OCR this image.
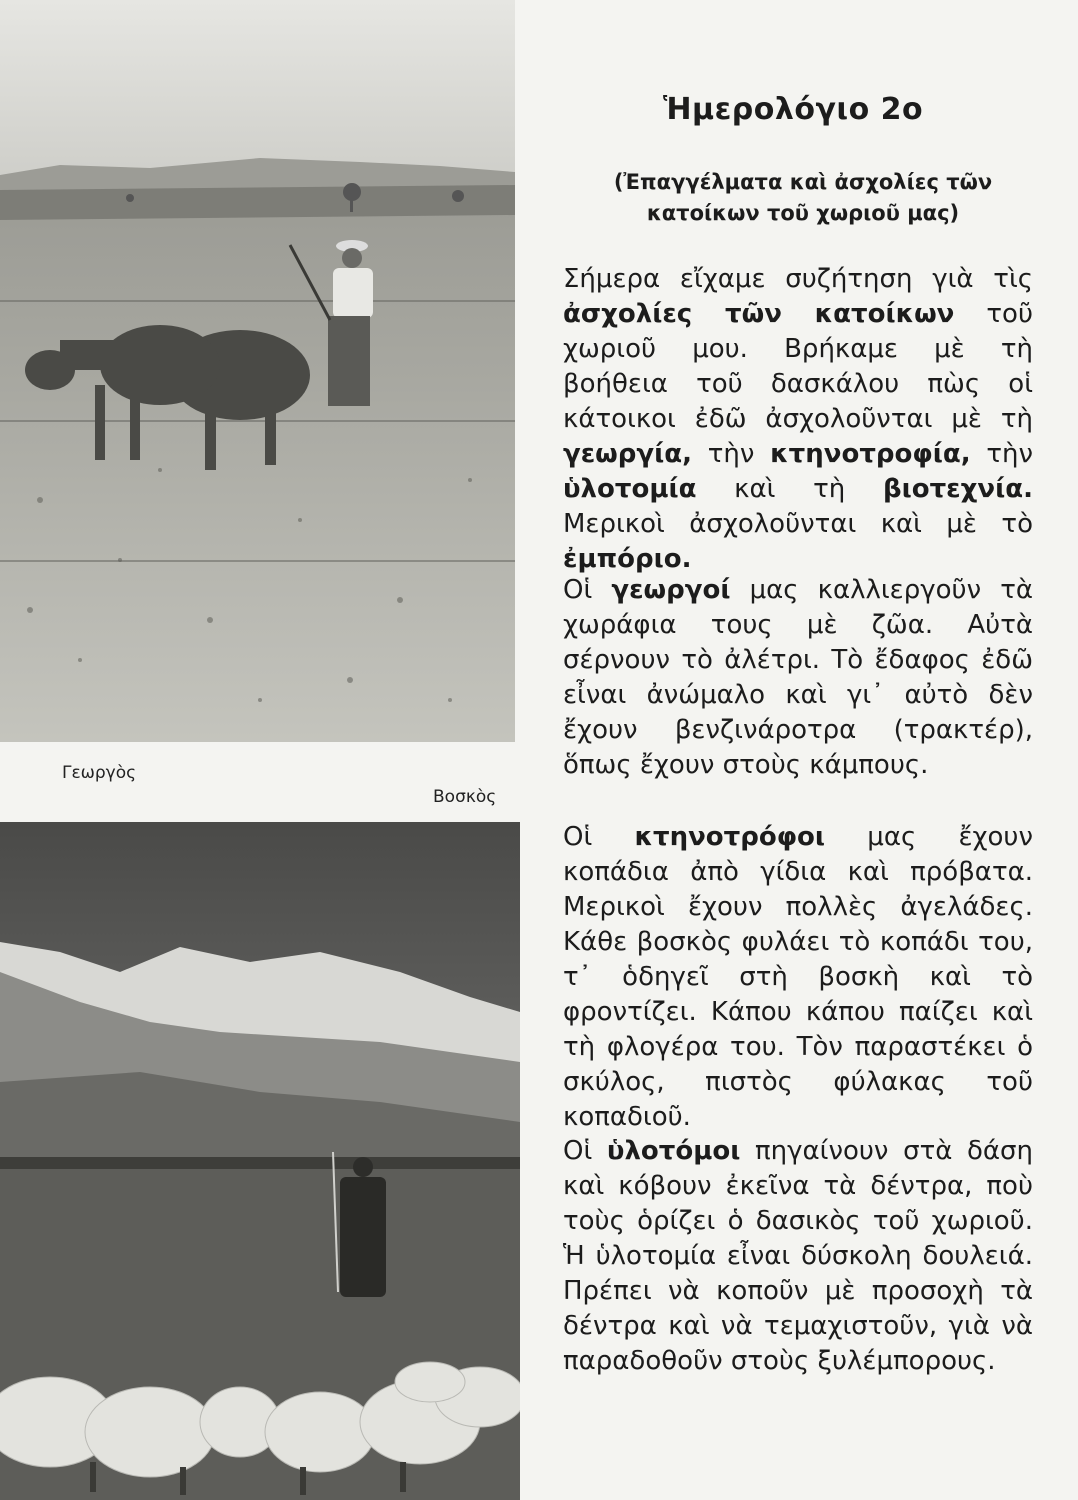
Γεωργὸς
Βοσκὸς
Ἡμερολόγιο 2ο
(Ἐπαγγέλματα καὶ ἀσχολίες τῶν κατοίκων τοῦ χωριοῦ μας)

Σήμερα εἴχαμε συζήτηση γιὰ τὶς ἀσχολίες τῶν κατοίκων τοῦ χωριοῦ μου. Βρήκαμε μὲ τὴ βοήθεια τοῦ δασκάλου πὼς οἱ κάτοικοι ἐδῶ ἀσχολοῦνται μὲ τὴ γεωργία, τὴν κτηνοτροφία, τὴν ὑλοτομία καὶ τὴ βιοτεχνία. Μερικοὶ ἀσχολοῦνται καὶ μὲ τὸ ἐμπόριο.

Οἱ γεωργοί μας καλλιεργοῦν τὰ χωράφια τους μὲ ζῶα. Αὐτὰ σέρνουν τὸ ἀλέτρι. Τὸ ἔδαφος ἐδῶ εἶναι ἀνώμαλο καὶ γι᾽ αὐτὸ δὲν ἔχουν βενζινάροτρα (τρακτέρ), ὅπως ἔχουν στοὺς κάμπους.

Οἱ κτηνοτρόφοι μας ἔχουν κοπάδια ἀπὸ γίδια καὶ πρόβατα. Μερικοὶ ἔχουν πολλὲς ἀγελάδες. Κάθε βοσκὸς φυλάει τὸ κοπάδι του, τ᾽ ὁδηγεῖ στὴ βοσκὴ καὶ τὸ φροντίζει. Κάπου κάπου παίζει καὶ τὴ φλογέρα του. Τὸν παραστέκει ὁ σκύλος, πιστὸς φύλακας τοῦ κοπαδιοῦ.

Οἱ ὑλοτόμοι πηγαίνουν στὰ δάση καὶ κόβουν ἐκεῖνα τὰ δέντρα, ποὺ τοὺς ὁρίζει ὁ δασικὸς τοῦ χωριοῦ. Ἡ ὑλοτομία εἶναι δύσκολη δουλειά. Πρέπει νὰ κοποῦν μὲ προσοχὴ τὰ δέντρα καὶ νὰ τεμαχιστοῦν, γιὰ νὰ παραδοθοῦν στοὺς ξυλέμπορους.
